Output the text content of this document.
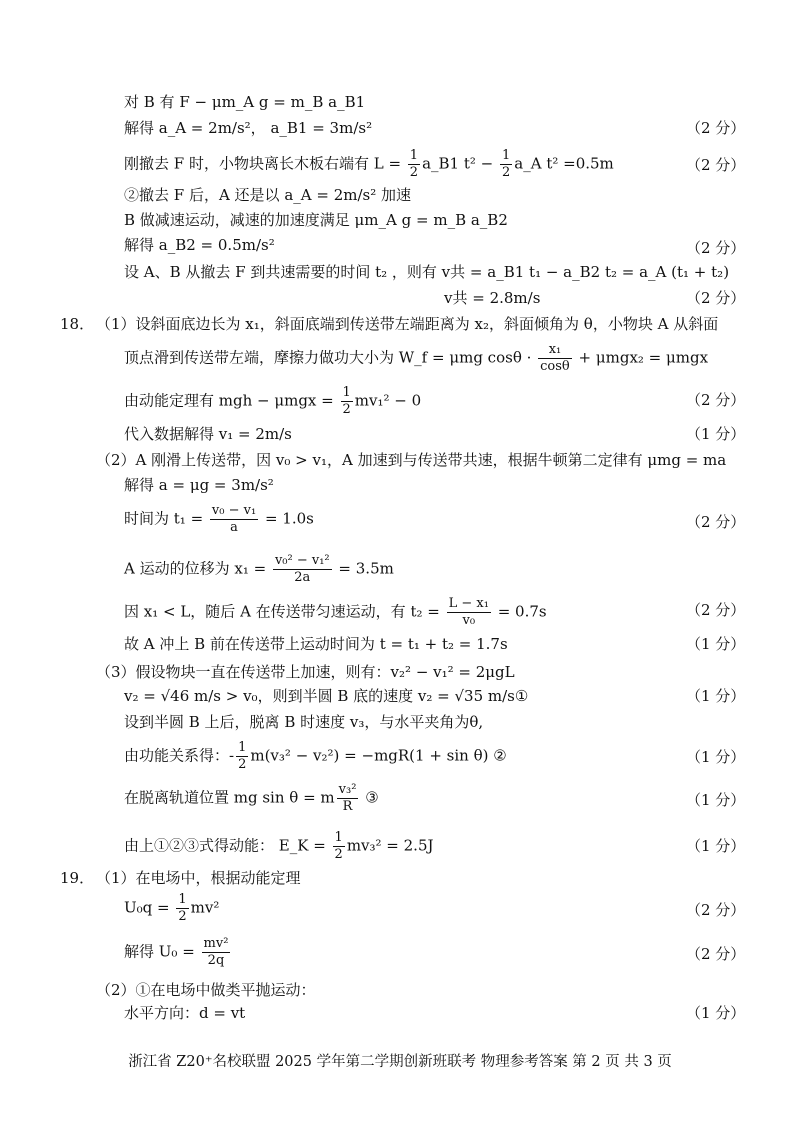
对 B 有 F − μm_A g = m_B a_B1
解得 a_A = 2m/s²， a_B1 = 3m/s²	（2 分）
刚撤去 F 时，小物块离长木板右端有 $L = \frac{1}{2}$ a_B1 $t^2 - \frac{1}{2}$ a_A t² =0.5m	（2 分）
②撤去 F 后，A 还是以 a_A = 2m/s² 加速
B 做减速运动，减速的加速度满足 μm_A g = m_B a_B2
解得 a_B2 = 0.5m/s²	（2 分）
设 A、B 从撤去 F 到共速需要的时间 t₂ ，则有 v共 = a_B1 t₁ − a_B2 t₂ = a_A (t₁ + t₂)
v共 = 2.8m/s	（2 分）
18． （1）设斜面底边长为 x₁，斜面底端到传送带左端距离为 x₂，斜面倾角为 θ，小物块 A 从斜面
顶点滑到传送带左端，摩擦力做功大小为 W_f = μmg $\cos\theta \cdot \frac{\text{x₁}}{\cos\theta} + \mu mgx_2 = \mu mgx$
由动能定理有 mgh − $\mu mgx = \frac{1}{2} mv_1^2 - 0$	（2 分）
代入数据解得 v₁ = 2m/s	（1 分）
（2）A 刚滑上传送带，因 v₀ > v₁，A 加速到与传送带共速，根据牛顿第二定律有 μmg = ma
解得 a = μg = 3m/s²
时间为 $t_1 = \frac{\text{v₀ − v₁}}{a} = 1.0s$	（2 分）
A 运动的位移为 $x_1 = \frac{\text{v₀² − v₁²}}{2a} = 3.5m$
因 x₁ < L，随后 A 在传送带匀速运动，有 $t_2 = \frac{\text{L − x₁}}{\text{v₀}} = 0.7s$	（2 分）
故 A 冲上 B 前在传送带上运动时间为 t = t₁ + t₂ = 1.7s	（1 分）
（3）假设物块一直在传送带上加速，则有：v₂² − v₁² = 2μgL
v₂ = √46 m/s > v₀，则到半圆 B 底的速度 v₂ = √35 m/s①	（1 分）
设到半圆 B 上后，脱离 B 时速度 v₃，与水平夹角为θ,
由功能关系得：- $\frac{1}{2} m(v_3^2 - v_2^2) = -mgR(1 + \sin \theta)$ ②	（1 分）
在脱离轨道位置 mg sin θ = m $\frac{\text{v₃²}}{R}$ ③	（1 分）
由上①②③式得动能： E_K = $\frac{1}{2} mv_3^2 = 2.5J$	（1 分）
19． （1）在电场中，根据动能定理
$U_0q = \frac{1}{2} mv^2$	（2 分）
解得 $U_0 = \frac{\text{mv²}}{2q}$	（2 分）
（2）①在电场中做类平抛运动：
水平方向：d = vt	（1 分）
浙江省 Z20⁺名校联盟 2025 学年第二学期创新班联考 物理参考答案 第 2 页 共 3 页
